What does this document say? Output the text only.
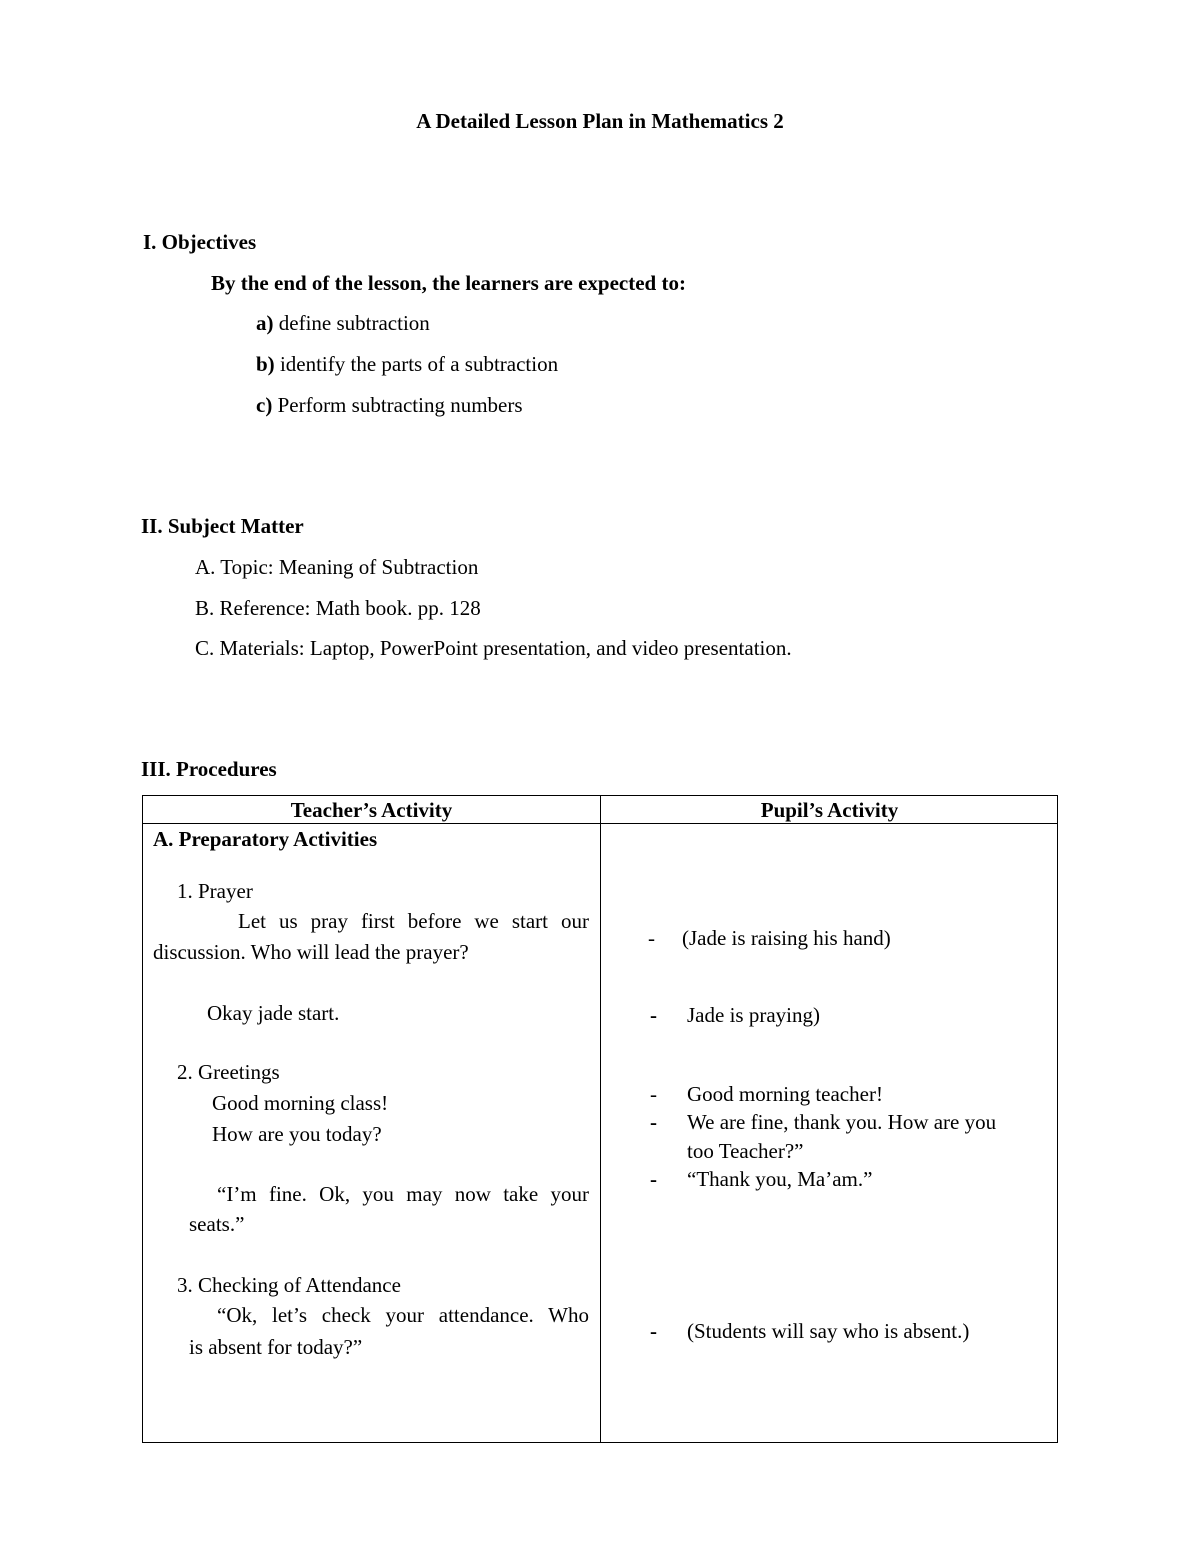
A Detailed Lesson Plan in Mathematics 2
I. Objectives
By the end of the lesson, the learners are expected to:
a) define subtraction
b) identify the parts of a subtraction
c) Perform subtracting numbers
II. Subject Matter
A. Topic: Meaning of Subtraction
B. Reference: Math book. pp. 128
C. Materials: Laptop, PowerPoint presentation, and video presentation.
III. Procedures
Teacher’s Activity	Pupil’s Activity
A. Preparatory Activities
1. Prayer
Let us pray first before we start our
discussion. Who will lead the prayer?
Okay jade start.
2. Greetings
Good morning class!
How are you today?
“I’m fine. Ok, you may now take your
seats.”
3. Checking of Attendance
“Ok, let’s check your attendance. Who
is absent for today?”
- (Jade is raising his hand)
- Jade is praying)
- Good morning teacher!
- We are fine, thank you. How are you
too Teacher?”
- “Thank you, Ma’am.”
- (Students will say who is absent.)
